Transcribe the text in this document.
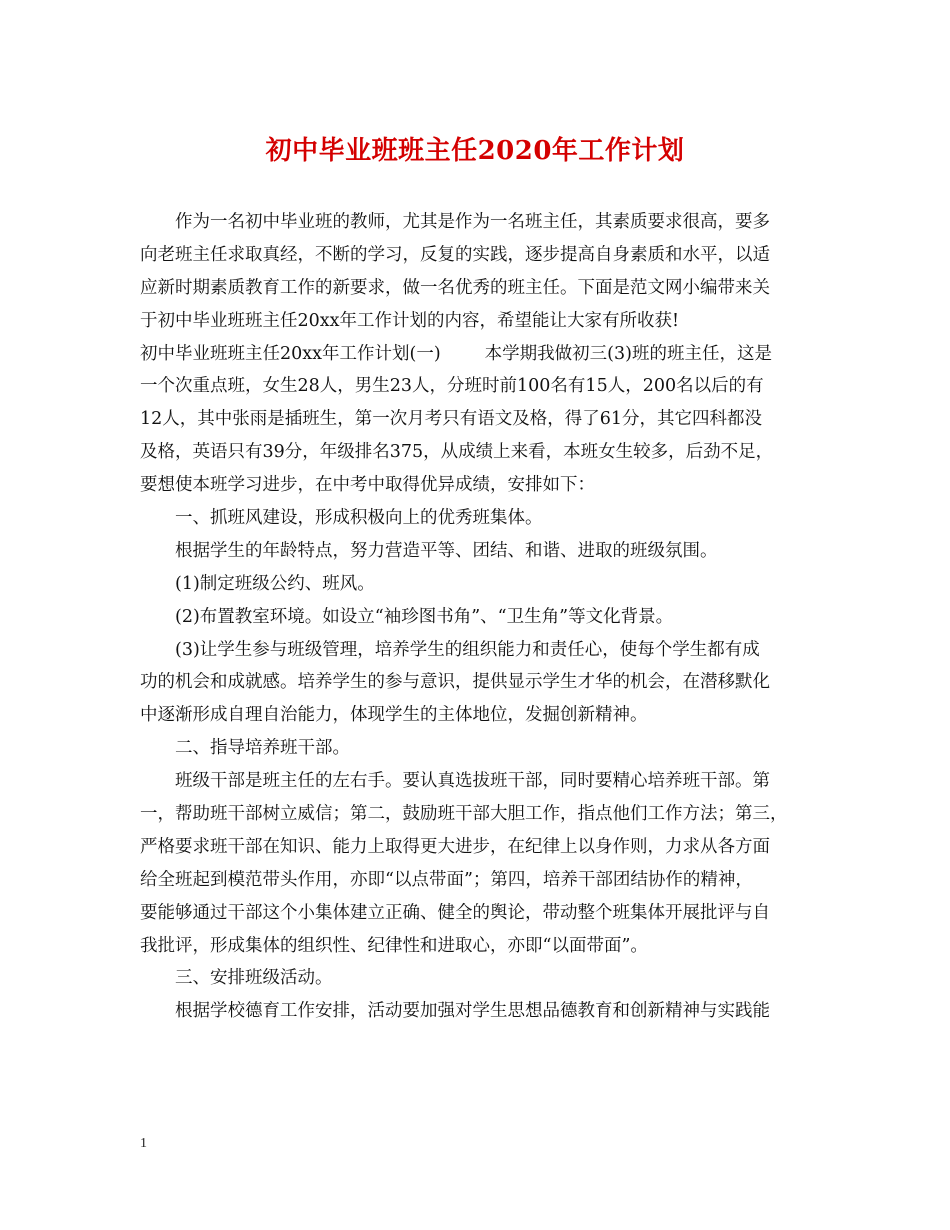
初中毕业班班主任2020年工作计划
作为一名初中毕业班的教师，尤其是作为一名班主任，其素质要求很高，要多
向老班主任求取真经，不断的学习，反复的实践，逐步提高自身素质和水平，以适
应新时期素质教育工作的新要求，做一名优秀的班主任。下面是范文网小编带来关
于初中毕业班班主任20xx年工作计划的内容，希望能让大家有所收获!
初中毕业班班主任20xx年工作计划(一)	本学期我做初三(3)班的班主任，这是
一个次重点班，女生28人，男生23人，分班时前100名有15人，200名以后的有
12人，其中张雨是插班生，第一次月考只有语文及格，得了61分，其它四科都没
及格，英语只有39分，年级排名375，从成绩上来看，本班女生较多，后劲不足，
要想使本班学习进步，在中考中取得优异成绩，安排如下：
一、抓班风建设，形成积极向上的优秀班集体。
根据学生的年龄特点，努力营造平等、团结、和谐、进取的班级氛围。
(1)制定班级公约、班风。
(2)布置教室环境。如设立“袖珍图书角”、“卫生角”等文化背景。
(3)让学生参与班级管理，培养学生的组织能力和责任心，使每个学生都有成
功的机会和成就感。培养学生的参与意识，提供显示学生才华的机会，在潜移默化
中逐渐形成自理自治能力，体现学生的主体地位，发掘创新精神。
二、指导培养班干部。
班级干部是班主任的左右手。要认真选拔班干部，同时要精心培养班干部。第
一，帮助班干部树立威信；第二，鼓励班干部大胆工作，指点他们工作方法；第三，
严格要求班干部在知识、能力上取得更大进步，在纪律上以身作则，力求从各方面
给全班起到模范带头作用，亦即“以点带面”；第四，培养干部团结协作的精神，
要能够通过干部这个小集体建立正确、健全的舆论，带动整个班集体开展批评与自
我批评，形成集体的组织性、纪律性和进取心，亦即“以面带面”。
三、安排班级活动。
根据学校德育工作安排，活动要加强对学生思想品德教育和创新精神与实践能
1
